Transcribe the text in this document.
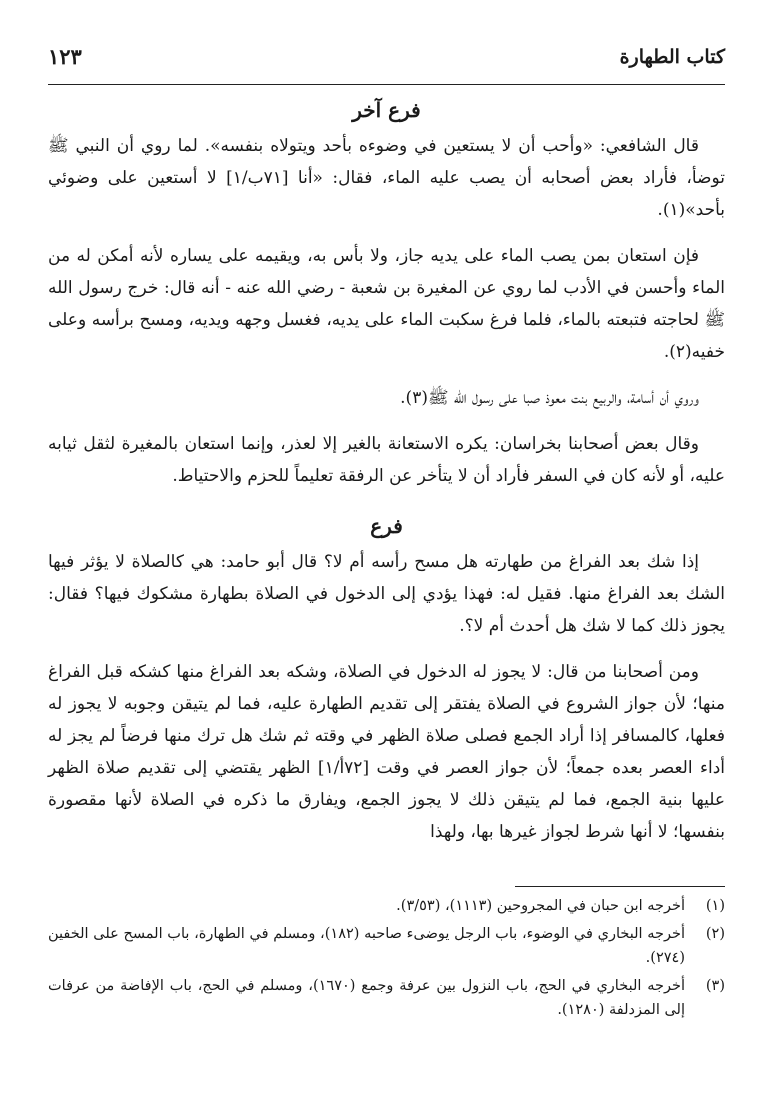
كتاب الطهارة
١٢٣
فرع آخر

قال الشافعي: «وأحب أن لا يستعين في وضوءه بأحد ويتولاه بنفسه». لما روي أن النبي ﷺ توضأ، فأراد بعض أصحابه أن يصب عليه الماء، فقال: «أنا [٧١ب/١] لا أستعين على وضوئي بأحد»(١).

فإن استعان بمن يصب الماء على يديه جاز، ولا بأس به، ويقيمه على يساره لأنه أمكن له من الماء وأحسن في الأدب لما روي عن المغيرة بن شعبة - رضي الله عنه - أنه قال: خرج رسول الله ﷺ لحاجته فتبعته بالماء، فلما فرغ سكبت الماء على يديه، فغسل وجهه ويديه، ومسح برأسه وعلى خفيه(٢).

وروي أن أسامة، والربيع بنت معوذ صبا على رسول الله ﷺ(٣).

وقال بعض أصحابنا بخراسان: يكره الاستعانة بالغير إلا لعذر، وإنما استعان بالمغيرة لثقل ثيابه عليه، أو لأنه كان في السفر فأراد أن لا يتأخر عن الرفقة تعليماً للحزم والاحتياط.

فرع

إذا شك بعد الفراغ من طهارته هل مسح رأسه أم لا؟ قال أبو حامد: هي كالصلاة لا يؤثر فيها الشك بعد الفراغ منها. فقيل له: فهذا يؤدي إلى الدخول في الصلاة بطهارة مشكوك فيها؟ فقال: يجوز ذلك كما لا شك هل أحدث أم لا؟.

ومن أصحابنا من قال: لا يجوز له الدخول في الصلاة، وشكه بعد الفراغ منها كشكه قبل الفراغ منها؛ لأن جواز الشروع في الصلاة يفتقر إلى تقديم الطهارة عليه، فما لم يتيقن وجوبه لا يجوز له فعلها، كالمسافر إذا أراد الجمع فصلى صلاة الظهر في وقته ثم شك هل ترك منها فرضاً لم يجز له أداء العصر بعده جمعاً؛ لأن جواز العصر في وقت [٧٢أ/١] الظهر يقتضي إلى تقديم صلاة الظهر عليها بنية الجمع، فما لم يتيقن ذلك لا يجوز الجمع، ويفارق ما ذكره في الصلاة لأنها مقصورة بنفسها؛ لا أنها شرط لجواز غيرها بها، ولهذا

(١)
أخرجه ابن حبان في المجروحين (١١١٣)، (٣/٥٣).
(٢)
أخرجه البخاري في الوضوء، باب الرجل يوضىء صاحبه (١٨٢)، ومسلم في الطهارة، باب المسح على الخفين (٢٧٤).
(٣)
أخرجه البخاري في الحج، باب النزول بين عرفة وجمع (١٦٧٠)، ومسلم في الحج، باب الإفاضة من عرفات إلى المزدلفة (١٢٨٠).
